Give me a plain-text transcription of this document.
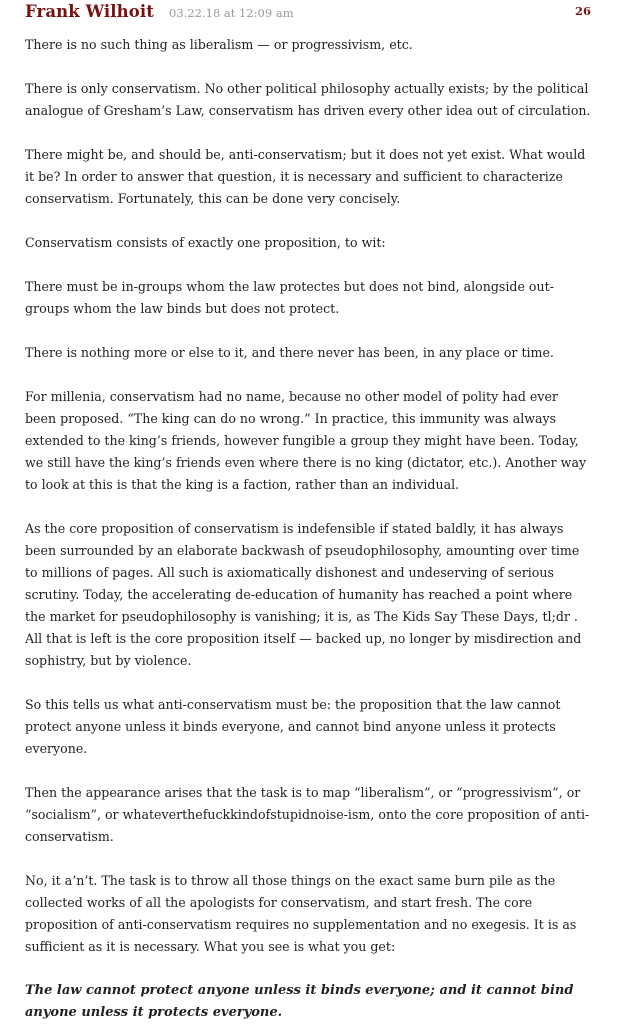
Frank Wilhoit 03.22.18 at 12:09 am	26

There is no such thing as liberalism — or progressivism, etc.

There is only conservatism. No other political philosophy actually exists; by the political analogue of Gresham’s Law, conservatism has driven every other idea out of circulation.

There might be, and should be, anti-conservatism; but it does not yet exist. What would it be? In order to answer that question, it is necessary and sufficient to characterize conservatism. Fortunately, this can be done very concisely.

Conservatism consists of exactly one proposition, to wit:

There must be in-groups whom the law protectes but does not bind, alongside out-groups whom the law binds but does not protect.

There is nothing more or else to it, and there never has been, in any place or time.

For millenia, conservatism had no name, because no other model of polity had ever been proposed. “The king can do no wrong.” In practice, this immunity was always extended to the king’s friends, however fungible a group they might have been. Today, we still have the king’s friends even where there is no king (dictator, etc.). Another way to look at this is that the king is a faction, rather than an individual.

As the core proposition of conservatism is indefensible if stated baldly, it has always been surrounded by an elaborate backwash of pseudophilosophy, amounting over time to millions of pages. All such is axiomatically dishonest and undeserving of serious scrutiny. Today, the accelerating de-education of humanity has reached a point where the market for pseudophilosophy is vanishing; it is, as The Kids Say These Days, tl;dr . All that is left is the core proposition itself — backed up, no longer by misdirection and sophistry, but by violence.

So this tells us what anti-conservatism must be: the proposition that the law cannot protect anyone unless it binds everyone, and cannot bind anyone unless it protects everyone.

Then the appearance arises that the task is to map “liberalism”, or “progressivism”, or “socialism”, or whateverthefuckkindofstupidnoise-ism, onto the core proposition of anti-conservatism.

No, it a’n’t. The task is to throw all those things on the exact same burn pile as the collected works of all the apologists for conservatism, and start fresh. The core proposition of anti-conservatism requires no supplementation and no exegesis. It is as sufficient as it is necessary. What you see is what you get:

The law cannot protect anyone unless it binds everyone; and it cannot bind anyone unless it protects everyone.
